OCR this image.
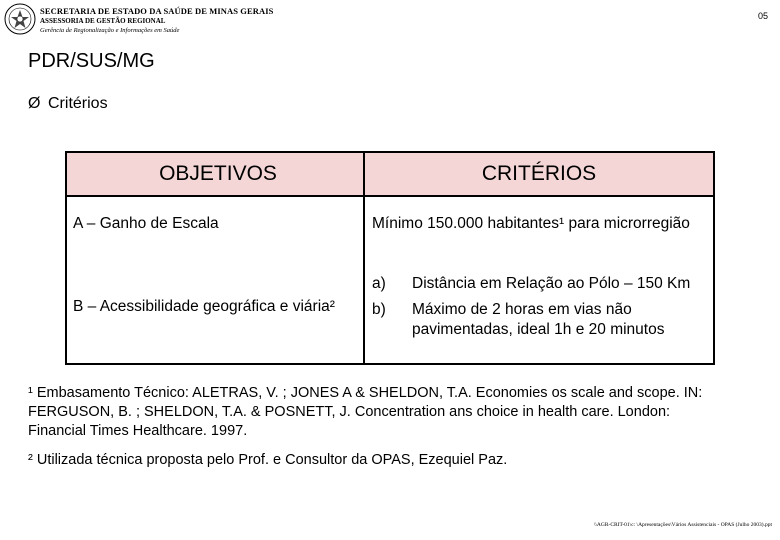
SECRETARIA DE ESTADO DA SAÚDE DE MINAS GERAIS
ASSESSORIA DE GESTÃO REGIONAL
Gerência de Regionalização e Informações em Saúde
05
PDR/SUS/MG
Ø Critérios
OBJETIVOS	CRITÉRIOS
A – Ganho de Escala	Mínimo 150.000 habitantes¹ para microrregião
B – Acessibilidade geográfica e viária²	a) Distância em Relação ao Pólo – 150 Km
b) Máximo de 2 horas em vias não pavimentadas, ideal 1h e 20 minutos
¹ Embasamento Técnico: ALETRAS, V. ; JONES A & SHELDON, T.A. Economies os scale and scope. IN: FERGUSON, B. ; SHELDON, T.A. & POSNETT, J. Concentration ans choice in health care. London: Financial Times Healthcare. 1997.
² Utilizada técnica proposta pelo Prof. e Consultor da OPAS, Ezequiel Paz.
\\AGR-CRIT-01\c: \Apresentações\Vários Assistenciais - OPAS (Julho 2003).ppt
